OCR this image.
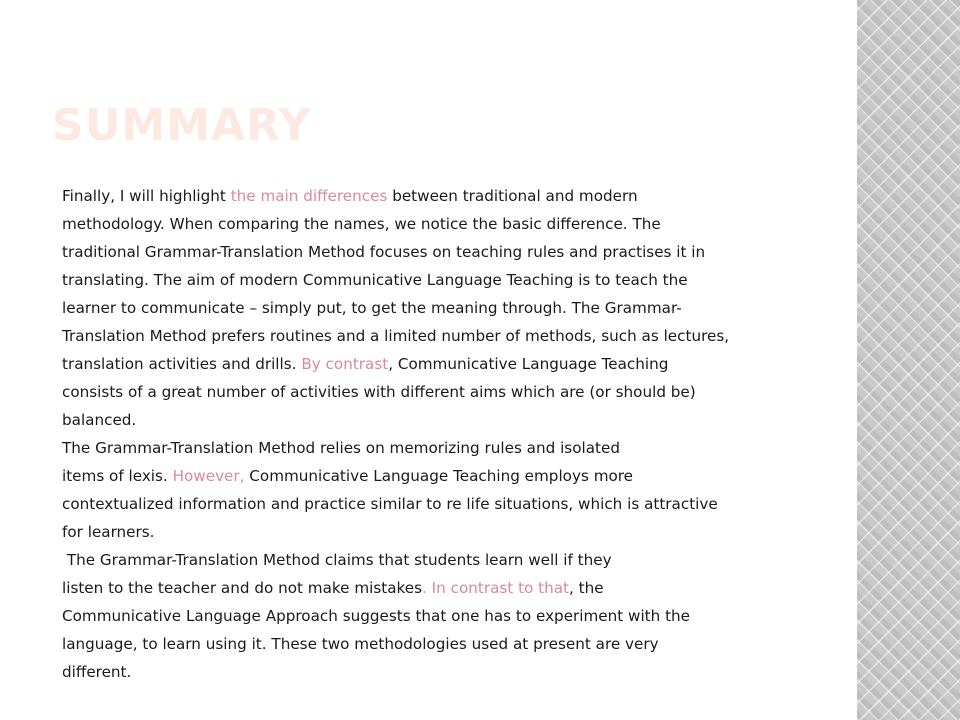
SUMMARY
Finally, I will highlight the main differences between traditional and modern
methodology. When comparing the names, we notice the basic difference. The
traditional Grammar-Translation Method focuses on teaching rules and practises it in
translating. The aim of modern Communicative Language Teaching is to teach the
learner to communicate – simply put, to get the meaning through. The Grammar-
Translation Method prefers routines and a limited number of methods, such as lectures,
translation activities and drills. By contrast, Communicative Language Teaching
consists of a great number of activities with different aims which are (or should be)
balanced.
The Grammar-Translation Method relies on memorizing rules and isolated
items of lexis. However, Communicative Language Teaching employs more
contextualized information and practice similar to re life situations, which is attractive
for learners.
The Grammar-Translation Method claims that students learn well if they
listen to the teacher and do not make mistakes. In contrast to that, the
Communicative Language Approach suggests that one has to experiment with the
language, to learn using it. These two methodologies used at present are very
different.
